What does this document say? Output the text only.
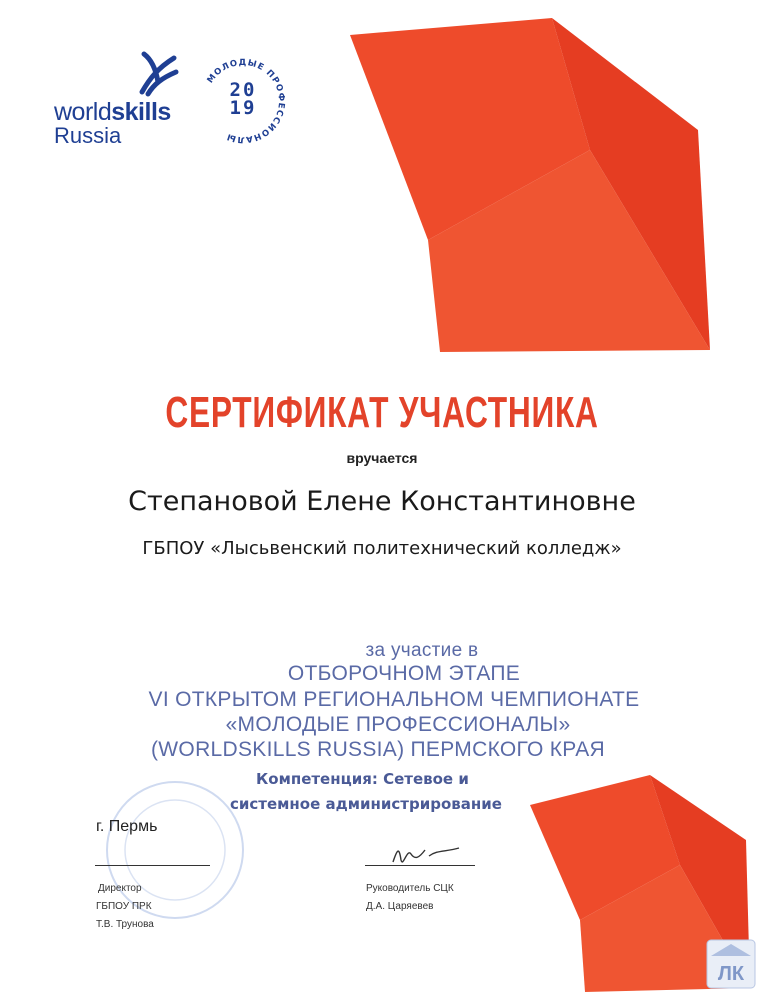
worldskills
Russia
МОЛОДЫЕ ПРОФЕССИОНАЛЫ
20
19
СЕРТИФИКАТ УЧАСТНИКА
вручается
Степановой Елене Константиновне
ГБПОУ «Лысьвенский политехнический колледж»
за участие в
ОТБОРОЧНОМ ЭТАПЕ
VI ОТКРЫТОМ РЕГИОНАЛЬНОМ ЧЕМПИОНАТЕ
«МОЛОДЫЕ ПРОФЕССИОНАЛЫ»
(WORLDSKILLS RUSSIA) ПЕРМСКОГО КРАЯ
Компетенция: Сетевое и
системное администрирование
г. Пермь
Директор
ГБПОУ ПРК
Т.В. Трунова
Руководитель СЦК
Д.А. Царяевев
ЛК
